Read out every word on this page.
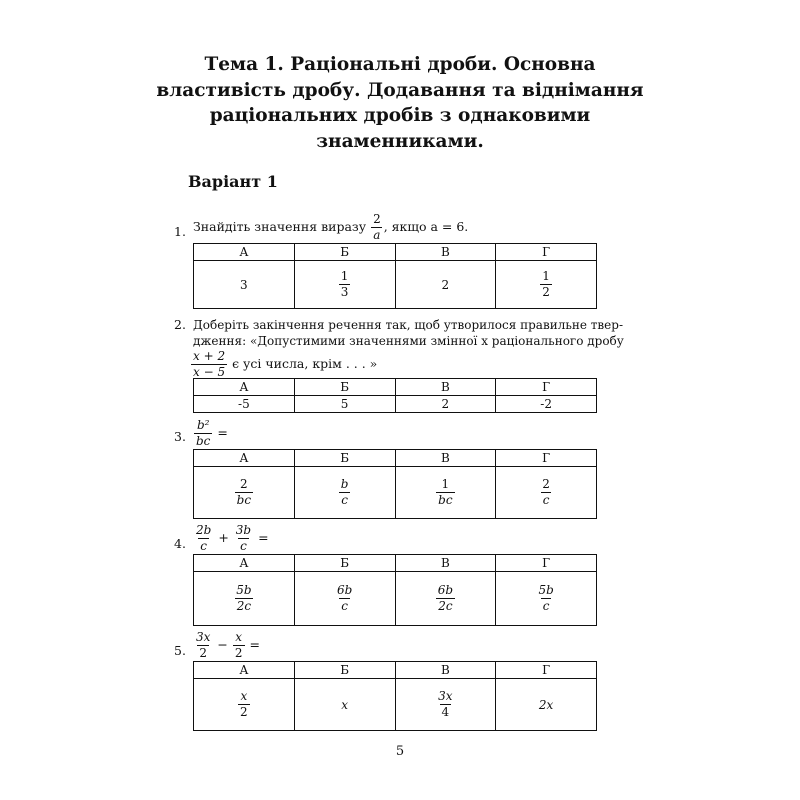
Тема 1. Раціональні дроби. Основна
властивість дробу. Додавання та віднімання
раціональних дробів з однаковими
знаменниками.
Варіант 1
1. Знайдіть значення виразу $\frac{2}{a}$ , якщо a = 6.
А	Б	В	Г
3	$\frac{1}{3}$	2	$\frac{1}{2}$
2. Доберіть закінчення речення так, щоб утворилося правильне твер-
дження: «Допустимими значеннями змінної x раціонального дробу
$\frac{x + 2}{x - 5}$ є усі числа, крім . . . »
А	Б	В	Г
-5	5	2	-2
3. $\frac{\text{b²}}{bc}$ =
А	Б	В	Г

$\frac{2}{bc}$	$\frac{b}{c}$	$\frac{1}{bc}$	$\frac{2}{c}$
4. $\frac{2b}{c} + \frac{3b}{c}$ =
А	Б	В	Г

$\frac{5b}{2c}$	$\frac{6b}{c}$	$\frac{6b}{2c}$	$\frac{5b}{c}$
5. $\frac{3x}{2} - \frac{x}{2}$ =
А	Б	В	Г

$\frac{x}{2}$	x	$\frac{3x}{4}$	2x
5
